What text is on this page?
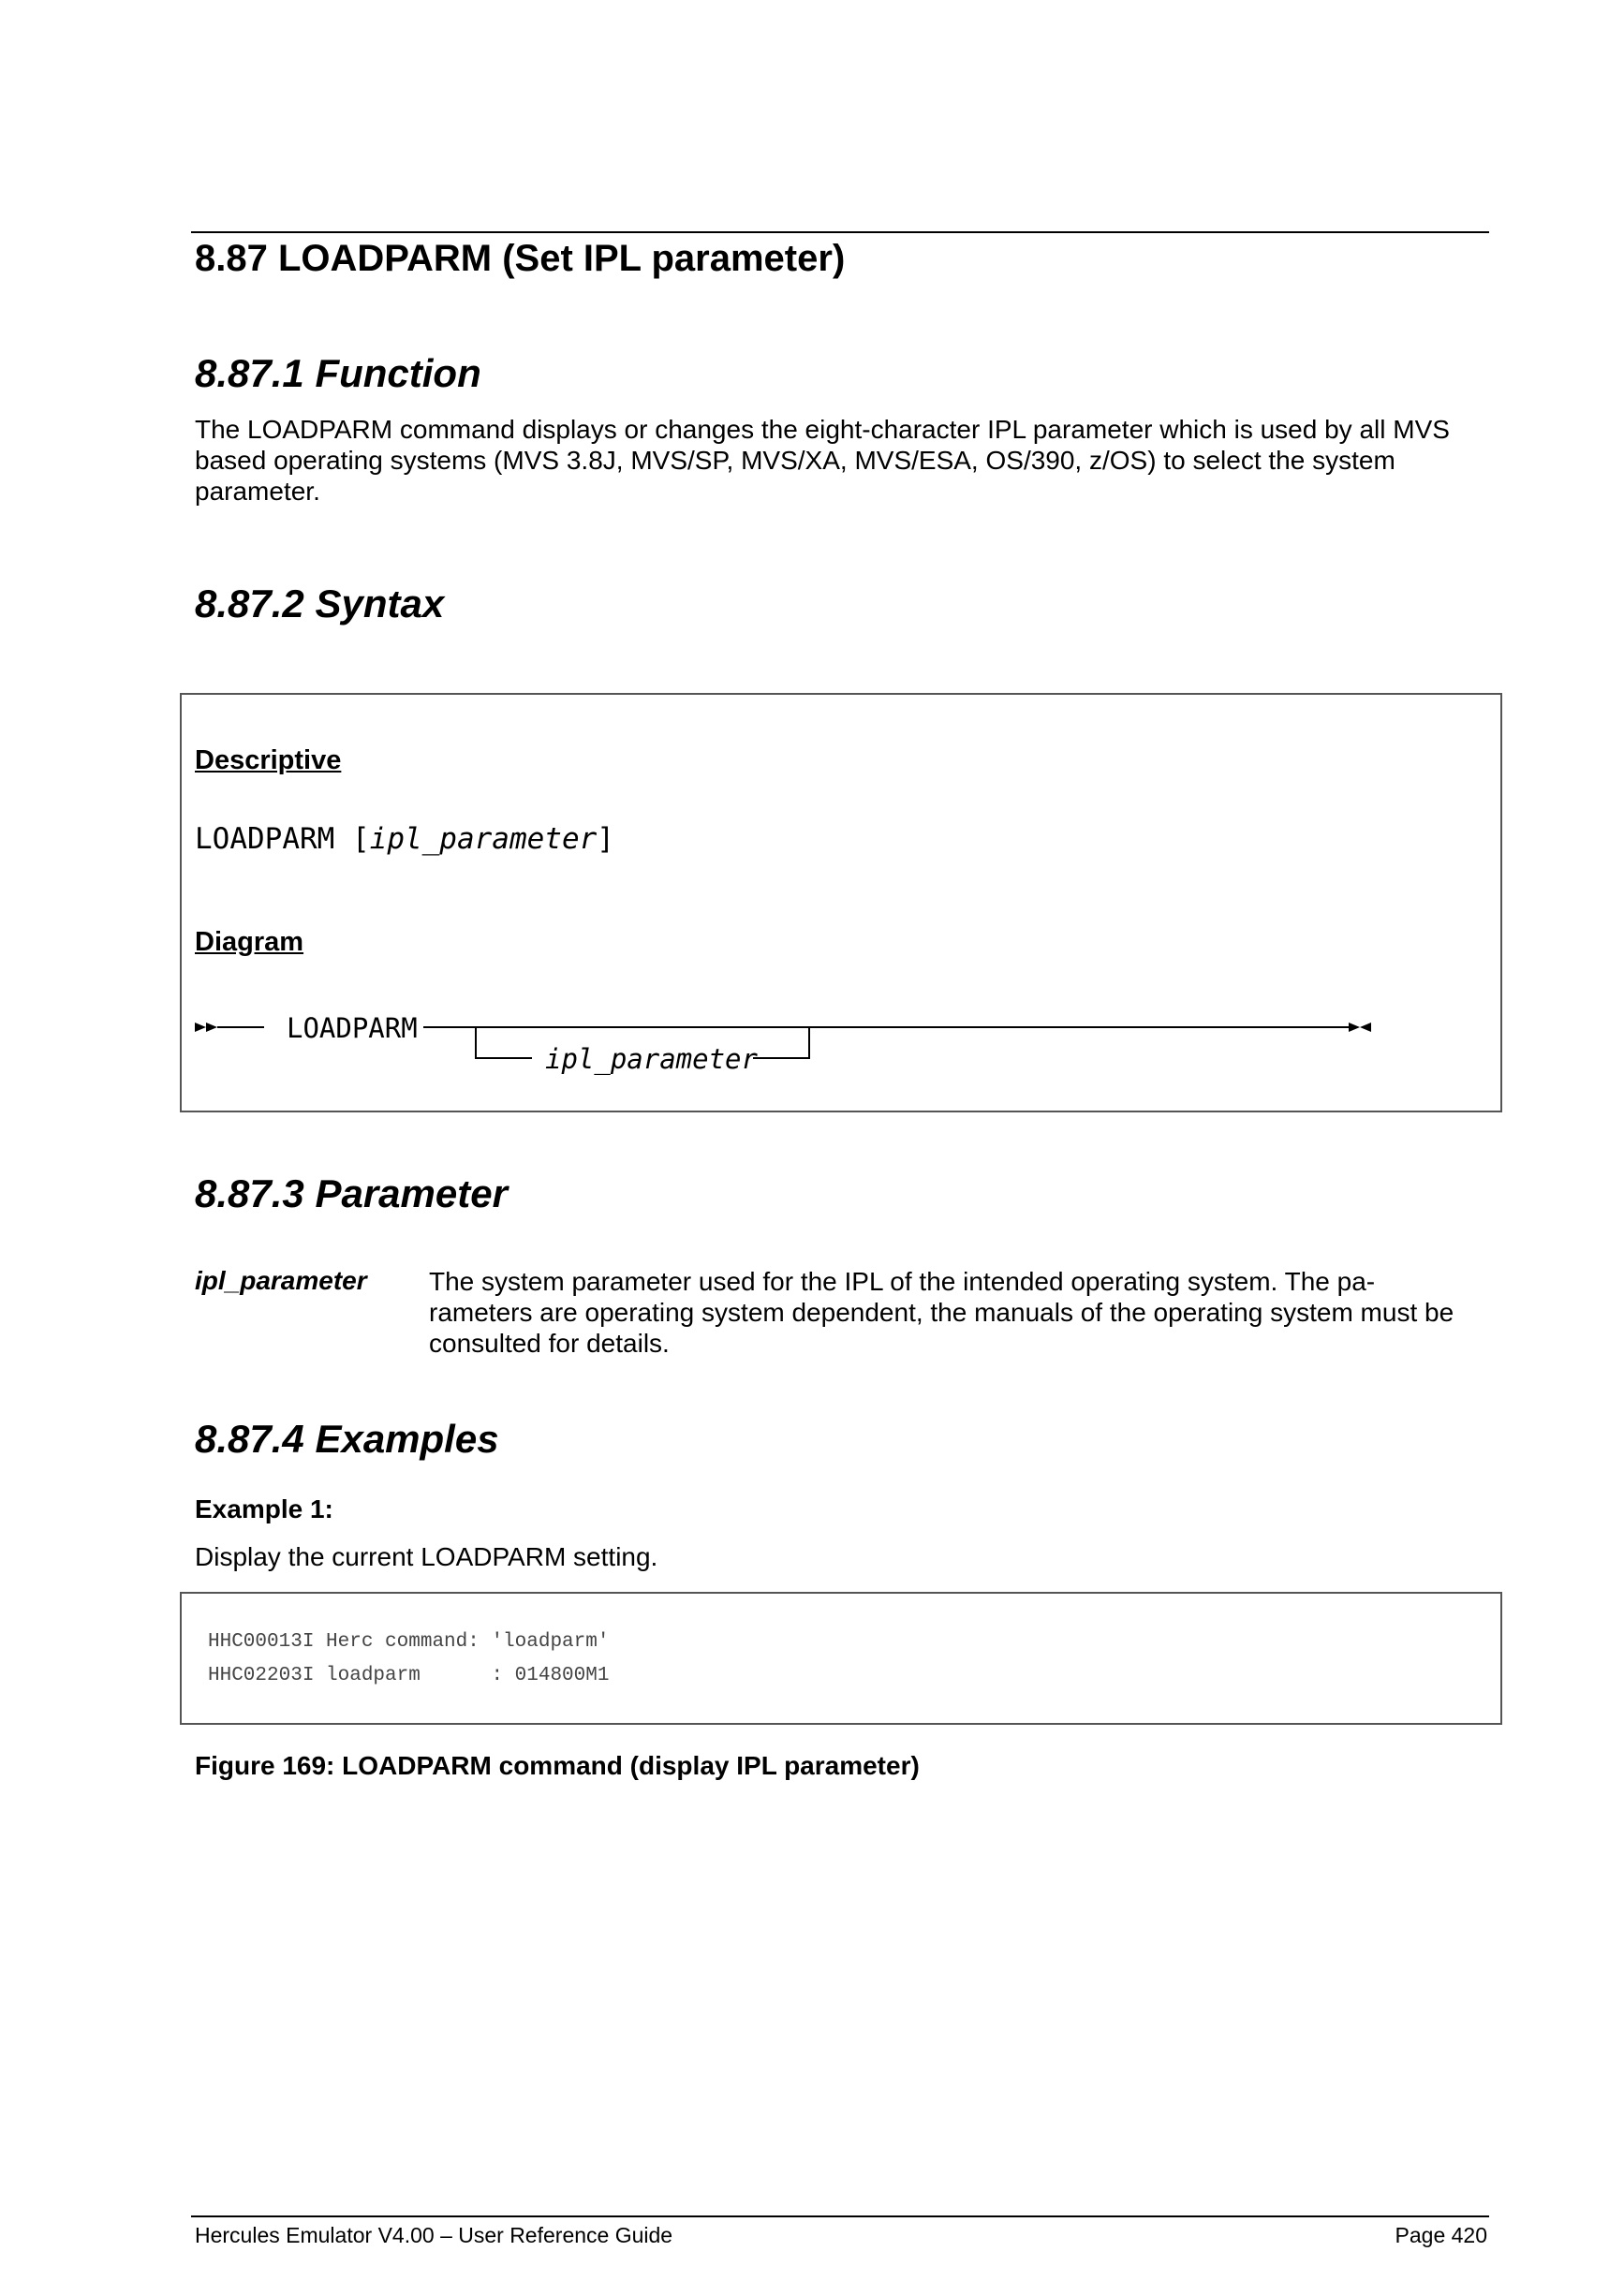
8.87 LOADPARM (Set IPL parameter)
8.87.1 Function

The LOADPARM command displays or changes the eight-character IPL parameter which is used by all MVS based operating systems (MVS 3.8J, MVS/SP, MVS/XA, MVS/ESA, OS/390, z/OS) to select the system parameter.

8.87.2 Syntax

Descriptive

LOADPARM [ipl_parameter]

Diagram

LOADPARM
ipl_parameter
8.87.3 Parameter
ipl_parameter The system parameter used for the IPL of the intended operating system. The pa-rameters are operating system dependent, the manuals of the operating system must be consulted for details.

8.87.4 Examples

Example 1:

Display the current LOADPARM setting.

HHC00013I Herc command: 'loadparm'
HHC02203I loadparm      : 014800M1

Figure 169: LOADPARM command (display IPL parameter)

Hercules Emulator V4.00 – User Reference Guide	Page 420
